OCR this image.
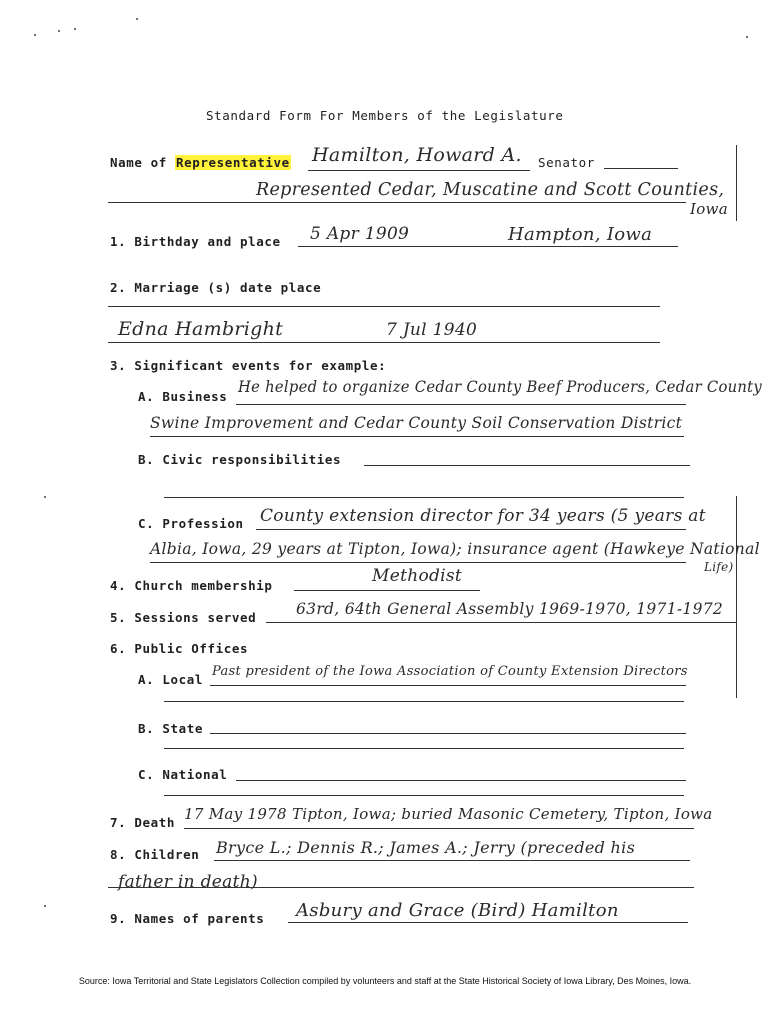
Standard Form For Members of the Legislature
Name of Representative Hamilton, Howard A. Senator
Represented Cedar, Muscatine and Scott Counties,
Iowa
1. Birthday and place 5 Apr 1909	Hampton, Iowa
2. Marriage (s) date place
Edna Hambright	7 Jul 1940
3. Significant events for example:
A. Business
He helped to organize Cedar County Beef Producers, Cedar County
Swine Improvement and Cedar County Soil Conservation District
B. Civic responsibilities
C. Profession County extension director for 34 years (5 years at
Albia, Iowa, 29 years at Tipton, Iowa); insurance agent (Hawkeye National
Life)
4. Church membership	Methodist
5. Sessions served	63rd, 64th General Assembly 1969-1970, 1971-1972
6. Public Offices
A. Local
Past president of the Iowa Association of County Extension Directors
B. State
C. National
7. Death 17 May 1978 Tipton, Iowa; buried Masonic Cemetery, Tipton, Iowa
8. Children Bryce L.; Dennis R.; James A.; Jerry (preceded his
father in death)
9. Names of parents Asbury and Grace (Bird) Hamilton
Source: Iowa Territorial and State Legislators Collection compiled by volunteers and staff at the State Historical Society of Iowa Library, Des Moines, Iowa.
